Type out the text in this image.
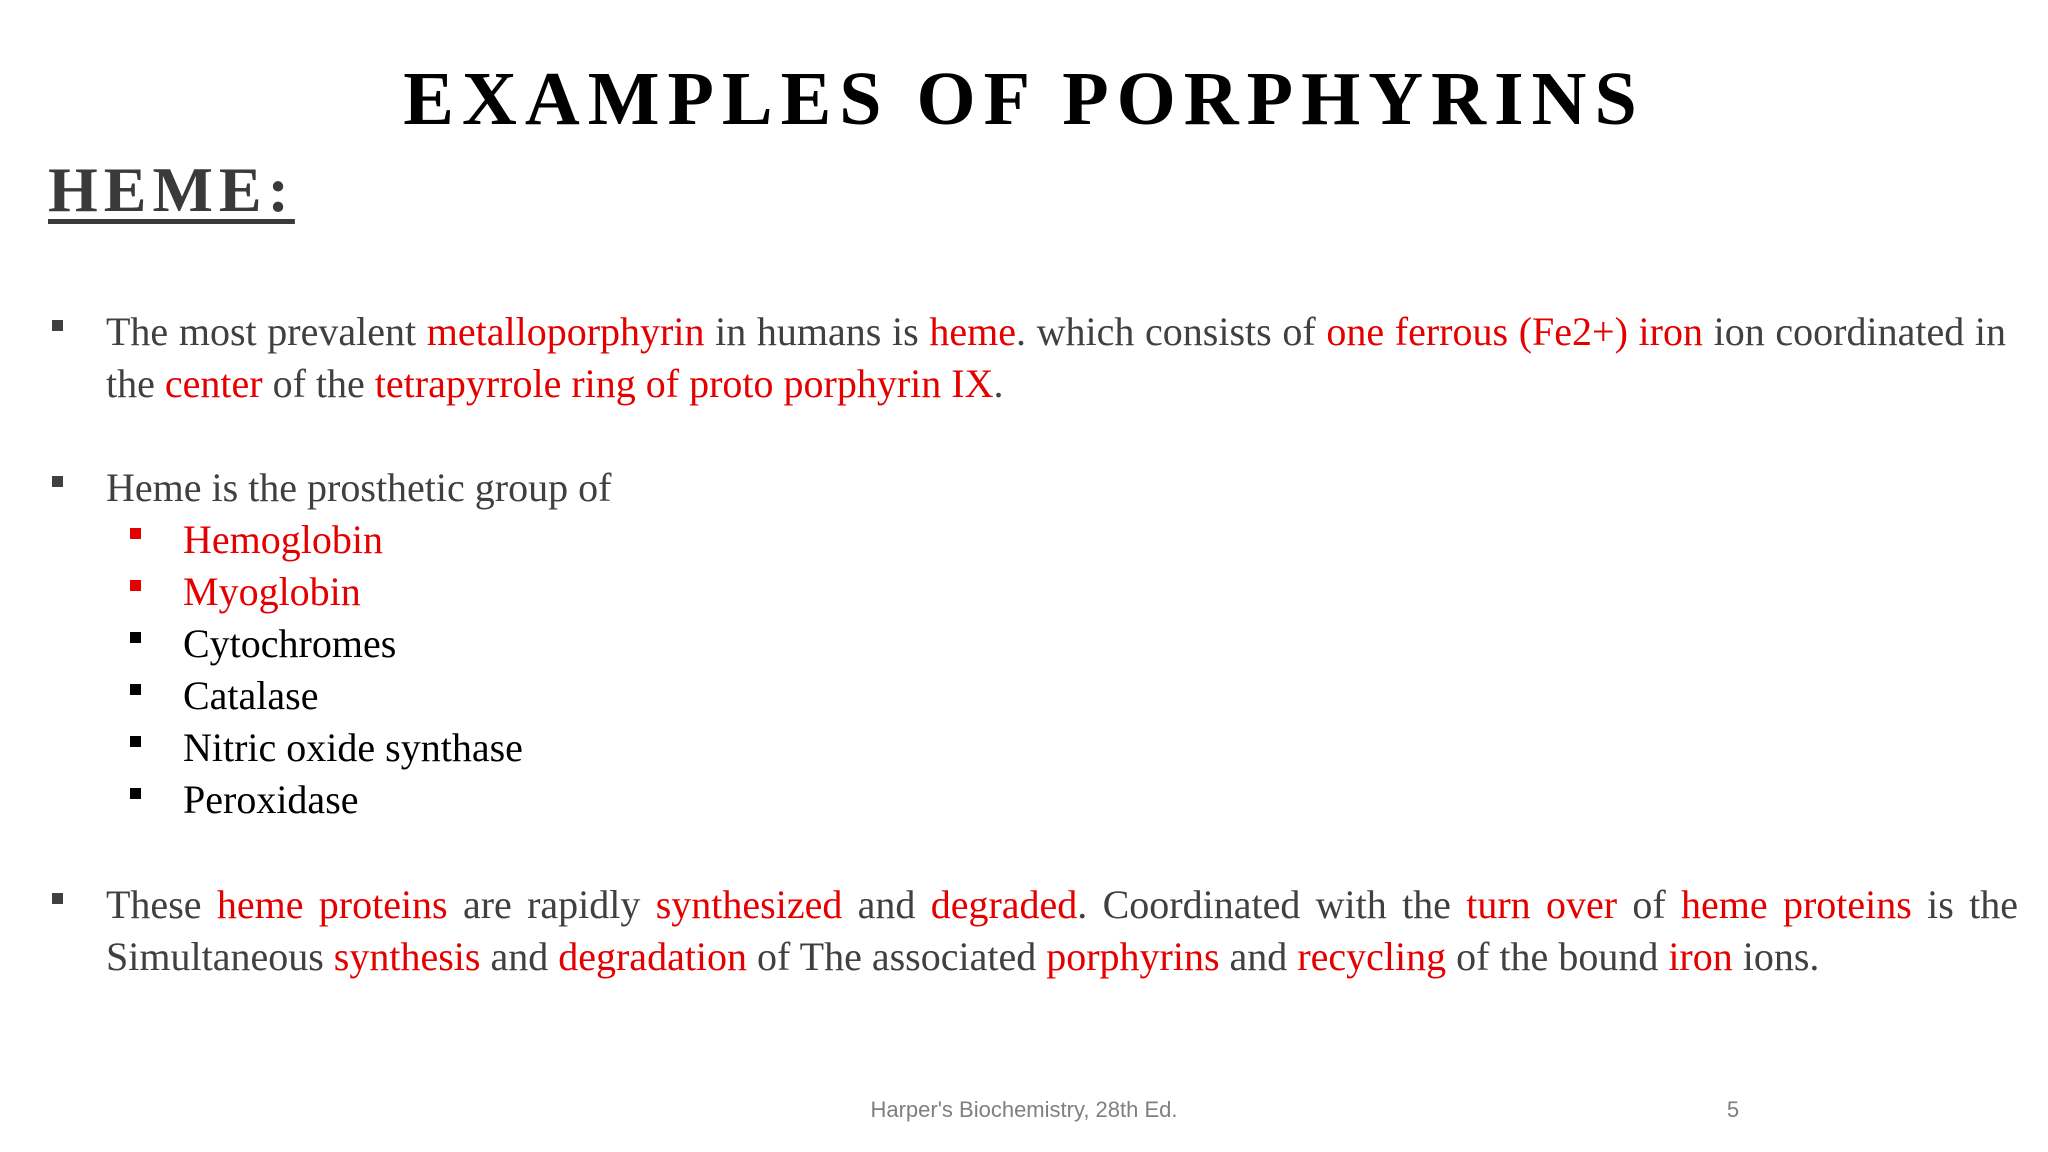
EXAMPLES OF PORPHYRINS
HEME:

The most prevalent metalloporphyrin in humans is heme. which consists of one ferrous (Fe2+) iron ion coordinated in the center of the tetrapyrrole ring of proto porphyrin IX.

Heme is the prosthetic group of

Hemoglobin

Myoglobin

Cytochromes

Catalase

Nitric oxide synthase

Peroxidase

These heme proteins are rapidly synthesized and degraded. Coordinated with the turn over of heme proteins is the Simultaneous synthesis and degradation of The associated porphyrins and recycling of the bound iron ions.

Harper's Biochemistry, 28th Ed.	5
